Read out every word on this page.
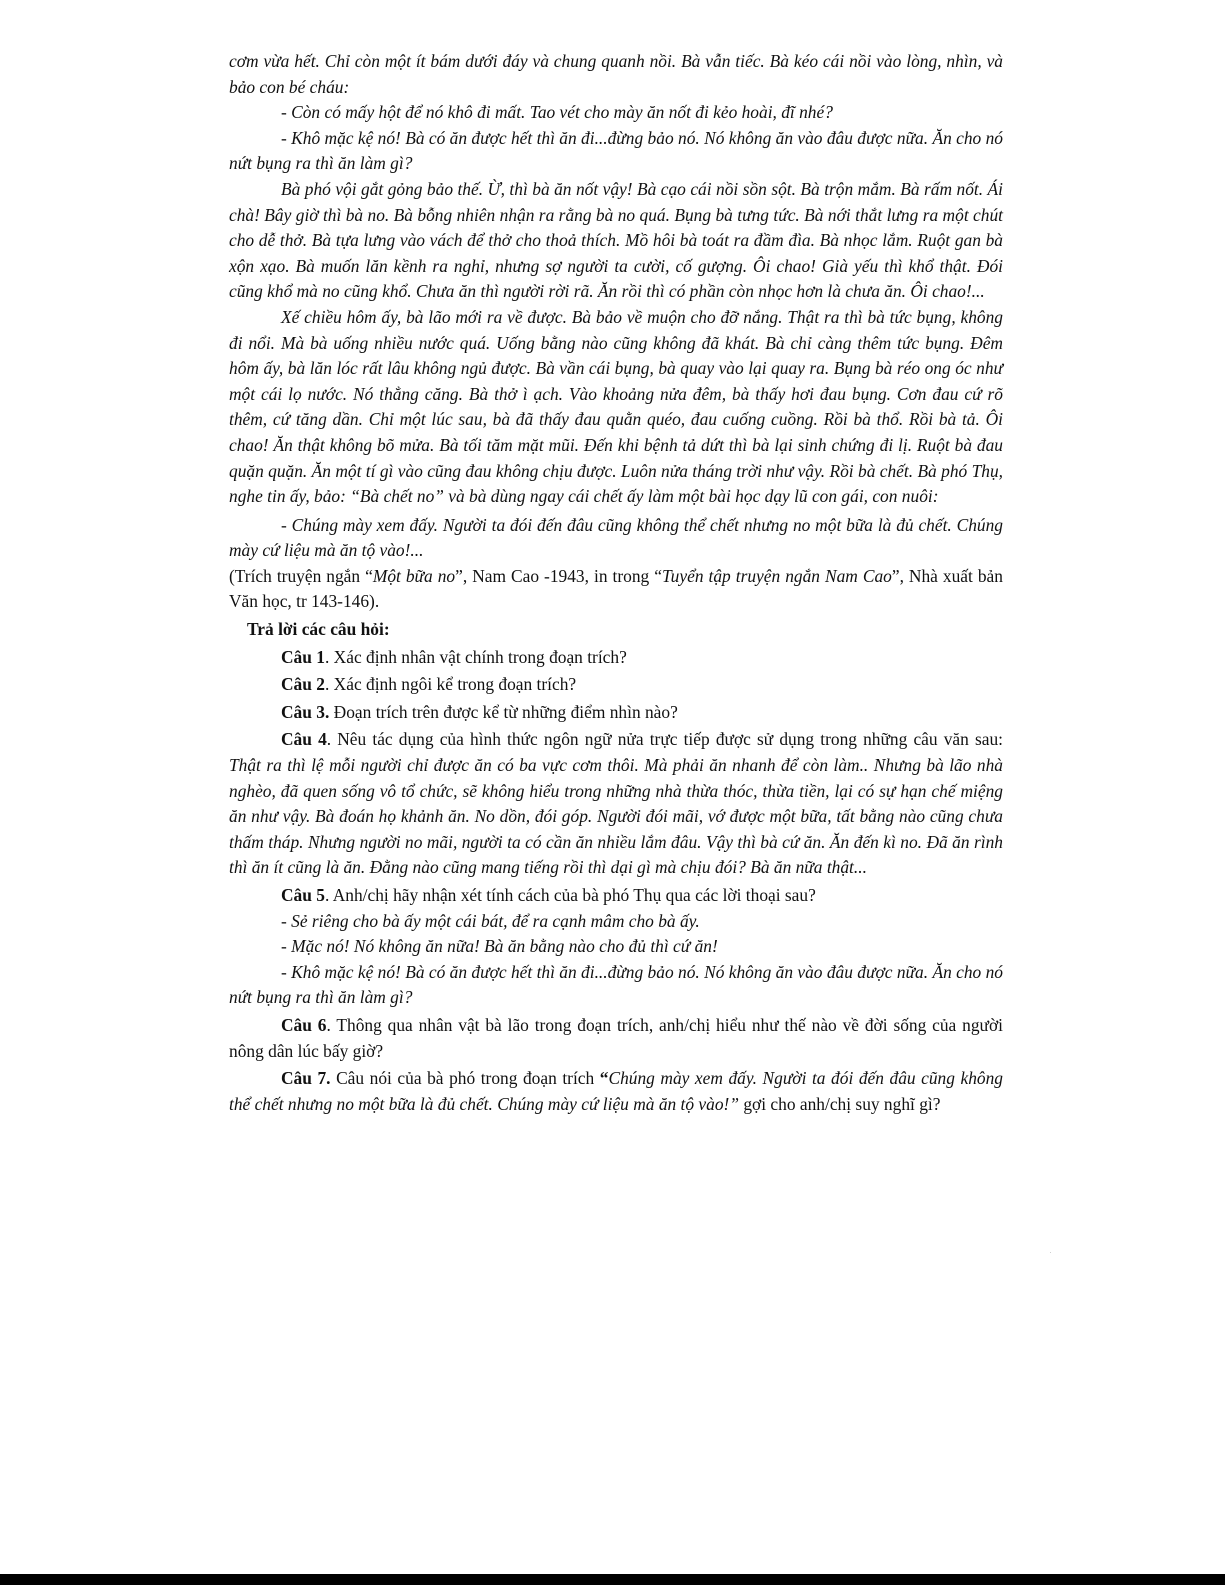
cơm vừa hết. Chỉ còn một ít bám dưới đáy và chung quanh nồi. Bà vẫn tiếc. Bà kéo cái nồi vào lòng, nhìn, và bảo con bé cháu:

- Còn có mấy hột để nó khô đi mất. Tao vét cho mày ăn nốt đi kẻo hoài, đĩ nhé?

- Khô mặc kệ nó! Bà có ăn được hết thì ăn đi...đừng bảo nó. Nó không ăn vào đâu được nữa. Ăn cho nó nứt bụng ra thì ăn làm gì?

Bà phó vội gắt gỏng bảo thế. Ừ, thì bà ăn nốt vậy! Bà cạo cái nồi sồn sột. Bà trộn mắm. Bà rấm nốt. Ái chà! Bây giờ thì bà no. Bà bỗng nhiên nhận ra rằng bà no quá. Bụng bà tưng tức. Bà nới thắt lưng ra một chút cho dễ thở. Bà tựa lưng vào vách để thở cho thoả thích. Mồ hôi bà toát ra đầm đìa. Bà nhọc lắm. Ruột gan bà xộn xạo. Bà muốn lăn kềnh ra nghỉ, nhưng sợ người ta cười, cố gượng. Ôi chao! Già yếu thì khổ thật. Đói cũng khổ mà no cũng khổ. Chưa ăn thì người rời rã. Ăn rồi thì có phần còn nhọc hơn là chưa ăn. Ôi chao!...

Xế chiều hôm ấy, bà lão mới ra về được. Bà bảo về muộn cho đỡ nắng. Thật ra thì bà tức bụng, không đi nổi. Mà bà uống nhiều nước quá. Uống bằng nào cũng không đã khát. Bà chỉ càng thêm tức bụng. Đêm hôm ấy, bà lăn lóc rất lâu không ngủ được. Bà vần cái bụng, bà quay vào lại quay ra. Bụng bà réo ong óc như một cái lọ nước. Nó thẳng căng. Bà thở ì ạch. Vào khoảng nửa đêm, bà thấy hơi đau bụng. Cơn đau cứ rõ thêm, cứ tăng dần. Chỉ một lúc sau, bà đã thấy đau quằn quéo, đau cuống cuồng. Rồi bà thổ. Rồi bà tả. Ôi chao! Ăn thật không bõ mửa. Bà tối tăm mặt mũi. Đến khi bệnh tả dứt thì bà lại sinh chứng đi lị. Ruột bà đau quặn quặn. Ăn một tí gì vào cũng đau không chịu được. Luôn nửa tháng trời như vậy. Rồi bà chết. Bà phó Thụ, nghe tin ấy, bảo: “Bà chết no” và bà dùng ngay cái chết ấy làm một bài học dạy lũ con gái, con nuôi:

- Chúng mày xem đấy. Người ta đói đến đâu cũng không thể chết nhưng no một bữa là đủ chết. Chúng mày cứ liệu mà ăn tộ vào!...

(Trích truyện ngắn “Một bữa no”, Nam Cao -1943, in trong “Tuyển tập truyện ngắn Nam Cao”, Nhà xuất bản Văn học, tr 143-146).

Trả lời các câu hỏi:

Câu 1. Xác định nhân vật chính trong đoạn trích?

Câu 2. Xác định ngôi kể trong đoạn trích?

Câu 3. Đoạn trích trên được kể từ những điểm nhìn nào?

Câu 4. Nêu tác dụng của hình thức ngôn ngữ nửa trực tiếp được sử dụng trong những câu văn sau: Thật ra thì lệ mỗi người chỉ được ăn có ba vực cơm thôi. Mà phải ăn nhanh để còn làm.. Nhưng bà lão nhà nghèo, đã quen sống vô tổ chức, sẽ không hiểu trong những nhà thừa thóc, thừa tiền, lại có sự hạn chế miệng ăn như vậy. Bà đoán họ khảnh ăn. No dồn, đói góp. Người đói mãi, vớ được một bữa, tất bằng nào cũng chưa thấm tháp. Nhưng người no mãi, người ta có cần ăn nhiều lắm đâu. Vậy thì bà cứ ăn. Ăn đến kì no. Đã ăn rình thì ăn ít cũng là ăn. Đằng nào cũng mang tiếng rồi thì dại gì mà chịu đói? Bà ăn nữa thật...

Câu 5. Anh/chị hãy nhận xét tính cách của bà phó Thụ qua các lời thoại sau?

- Sẻ riêng cho bà ấy một cái bát, để ra cạnh mâm cho bà ấy.

- Mặc nó! Nó không ăn nữa! Bà ăn bằng nào cho đủ thì cứ ăn!

- Khô mặc kệ nó! Bà có ăn được hết thì ăn đi...đừng bảo nó. Nó không ăn vào đâu được nữa. Ăn cho nó nứt bụng ra thì ăn làm gì?

Câu 6. Thông qua nhân vật bà lão trong đoạn trích, anh/chị hiểu như thế nào về đời sống của người nông dân lúc bấy giờ?

Câu 7. Câu nói của bà phó trong đoạn trích “Chúng mày xem đấy. Người ta đói đến đâu cũng không thể chết nhưng no một bữa là đủ chết. Chúng mày cứ liệu mà ăn tộ vào!” gợi cho anh/chị suy nghĩ gì?
